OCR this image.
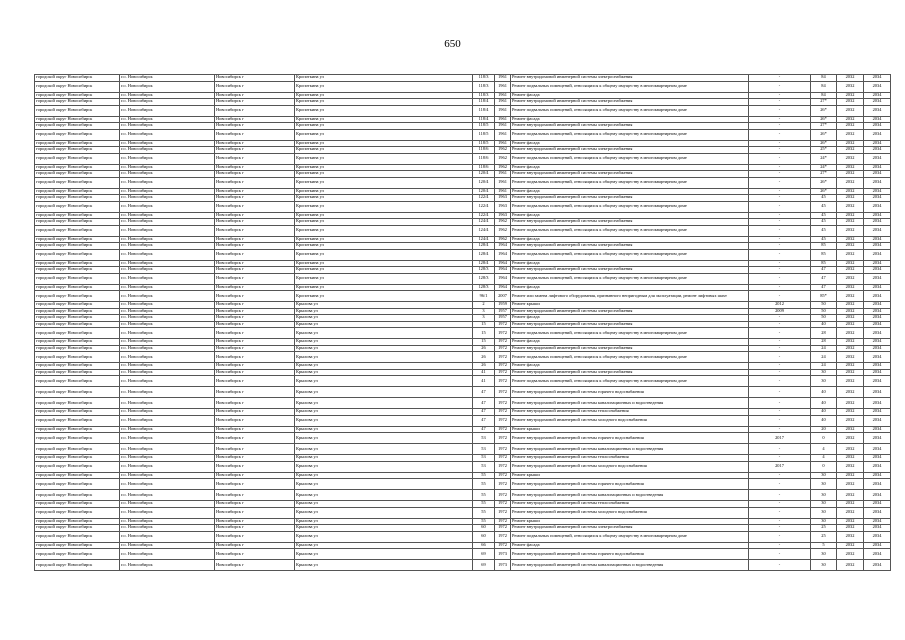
650
городской округ Новосибирск	г.о. Новосибирск	Новосибирск г	Кропоткина ул	118/3	1961	Ремонт внутридомовой инженерной системы электроснабжения	-	84	2032	2034
городской округ Новосибирск	г.о. Новосибирск	Новосибирск г	Кропоткина ул	118/3	1961	Ремонт подвальных помещений, относящихся к общему имуществу в многоквартирном доме	-	84	2032	2034
городской округ Новосибирск	г.о. Новосибирск	Новосибирск г	Кропоткина ул	118/3	1961	Ремонт фасада	-	84	2032	2034
городской округ Новосибирск	г.о. Новосибирск	Новосибирск г	Кропоткина ул	118/4	1961	Ремонт внутридомовой инженерной системы электроснабжения	-	27*	2032	2034
городской округ Новосибирск	г.о. Новосибирск	Новосибирск г	Кропоткина ул	118/4	1961	Ремонт подвальных помещений, относящихся к общему имуществу в многоквартирном доме	-	26*	2032	2034
городской округ Новосибирск	г.о. Новосибирск	Новосибирск г	Кропоткина ул	118/4	1961	Ремонт фасада	-	26*	2032	2034
городской округ Новосибирск	г.о. Новосибирск	Новосибирск г	Кропоткина ул	118/5	1961	Ремонт внутридомовой инженерной системы электроснабжения	-	27*	2032	2034
городской округ Новосибирск	г.о. Новосибирск	Новосибирск г	Кропоткина ул	118/5	1961	Ремонт подвальных помещений, относящихся к общему имуществу в многоквартирном доме	-	26*	2032	2034
городской округ Новосибирск	г.о. Новосибирск	Новосибирск г	Кропоткина ул	118/5	1961	Ремонт фасада	-	26*	2032	2034
городской округ Новосибирск	г.о. Новосибирск	Новосибирск г	Кропоткина ул	118/6	1962	Ремонт внутридомовой инженерной системы электроснабжения	-	25*	2032	2034
городской округ Новосибирск	г.о. Новосибирск	Новосибирск г	Кропоткина ул	118/6	1962	Ремонт подвальных помещений, относящихся к общему имуществу в многоквартирном доме	-	24*	2032	2034
городской округ Новосибирск	г.о. Новосибирск	Новосибирск г	Кропоткина ул	118/6	1962	Ремонт фасада	-	24*	2032	2034
городской округ Новосибирск	г.о. Новосибирск	Новосибирск г	Кропоткина ул	120/4	1961	Ремонт внутридомовой инженерной системы электроснабжения	-	27*	2032	2034
городской округ Новосибирск	г.о. Новосибирск	Новосибирск г	Кропоткина ул	120/4	1961	Ремонт подвальных помещений, относящихся к общему имуществу в многоквартирном доме	-	26*	2032	2034
городской округ Новосибирск	г.о. Новосибирск	Новосибирск г	Кропоткина ул	120/4	1961	Ремонт фасада	-	26*	2032	2034
городской округ Новосибирск	г.о. Новосибирск	Новосибирск г	Кропоткина ул	122/4	1963	Ремонт внутридомовой инженерной системы электроснабжения	-	45	2032	2034
городской округ Новосибирск	г.о. Новосибирск	Новосибирск г	Кропоткина ул	122/4	1963	Ремонт подвальных помещений, относящихся к общему имуществу в многоквартирном доме	-	45	2032	2034
городской округ Новосибирск	г.о. Новосибирск	Новосибирск г	Кропоткина ул	122/4	1963	Ремонт фасада	-	45	2032	2034
городской округ Новосибирск	г.о. Новосибирск	Новосибирск г	Кропоткина ул	124/4	1962	Ремонт внутридомовой инженерной системы электроснабжения	-	45	2032	2034
городской округ Новосибирск	г.о. Новосибирск	Новосибирск г	Кропоткина ул	124/4	1962	Ремонт подвальных помещений, относящихся к общему имуществу в многоквартирном доме	-	45	2032	2034
городской округ Новосибирск	г.о. Новосибирск	Новосибирск г	Кропоткина ул	124/4	1962	Ремонт фасада	-	45	2032	2034
городской округ Новосибирск	г.о. Новосибирск	Новосибирск г	Кропоткина ул	128/4	1964	Ремонт внутридомовой инженерной системы электроснабжения	-	85	2032	2034
городской округ Новосибирск	г.о. Новосибирск	Новосибирск г	Кропоткина ул	128/4	1964	Ремонт подвальных помещений, относящихся к общему имуществу в многоквартирном доме	-	85	2032	2034
городской округ Новосибирск	г.о. Новосибирск	Новосибирск г	Кропоткина ул	128/4	1964	Ремонт фасада	-	85	2032	2034
городской округ Новосибирск	г.о. Новосибирск	Новосибирск г	Кропоткина ул	128/3	1964	Ремонт внутридомовой инженерной системы электроснабжения	-	47	2032	2034
городской округ Новосибирск	г.о. Новосибирск	Новосибирск г	Кропоткина ул	128/3	1964	Ремонт подвальных помещений, относящихся к общему имуществу в многоквартирном доме	-	47	2032	2034
городской округ Новосибирск	г.о. Новосибирск	Новосибирск г	Кропоткина ул	128/3	1964	Ремонт фасада	-	47	2032	2034
городской округ Новосибирск	г.о. Новосибирск	Новосибирск г	Кропоткина ул	96/1	2007	Ремонт или замена лифтового оборудования, признанного непригодным для эксплуатации, ремонт лифтовых шахт	-	85*	2032	2034
городской округ Новосибирск	г.о. Новосибирск	Новосибирск г	Крылова ул	2	1959	Ремонт крыши	2012	50	2032	2034
городской округ Новосибирск	г.о. Новосибирск	Новосибирск г	Крылова ул	3	1957	Ремонт внутридомовой инженерной системы электроснабжения	2009	50	2032	2034
городской округ Новосибирск	г.о. Новосибирск	Новосибирск г	Крылова ул	3	1957	Ремонт фасада	-	50	2032	2034
городской округ Новосибирск	г.о. Новосибирск	Новосибирск г	Крылова ул	15	1972	Ремонт внутридомовой инженерной системы электроснабжения	-	40	2032	2034
городской округ Новосибирск	г.о. Новосибирск	Новосибирск г	Крылова ул	15	1972	Ремонт подвальных помещений, относящихся к общему имуществу в многоквартирном доме	-	28	2032	2034
городской округ Новосибирск	г.о. Новосибирск	Новосибирск г	Крылова ул	15	1972	Ремонт фасада	-	28	2032	2034
городской округ Новосибирск	г.о. Новосибирск	Новосибирск г	Крылова ул	26	1972	Ремонт внутридомовой инженерной системы электроснабжения	-	24	2032	2034
городской округ Новосибирск	г.о. Новосибирск	Новосибирск г	Крылова ул	26	1972	Ремонт подвальных помещений, относящихся к общему имуществу в многоквартирном доме	-	24	2032	2034
городской округ Новосибирск	г.о. Новосибирск	Новосибирск г	Крылова ул	26	1972	Ремонт фасада	-	24	2032	2034
городской округ Новосибирск	г.о. Новосибирск	Новосибирск г	Крылова ул	41	1972	Ремонт внутридомовой инженерной системы электроснабжения	-	30	2032	2034
городской округ Новосибирск	г.о. Новосибирск	Новосибирск г	Крылова ул	41	1972	Ремонт подвальных помещений, относящихся к общему имуществу в многоквартирном доме	-	30	2032	2034
городской округ Новосибирск	г.о. Новосибирск	Новосибирск г	Крылова ул	47	1972	Ремонт внутридомовой инженерной системы горячего водоснабжения	-	40	2032	2034
городской округ Новосибирск	г.о. Новосибирск	Новосибирск г	Крылова ул	47	1972	Ремонт внутридомовой инженерной системы канализационных и водоотведения	-	40	2032	2034
городской округ Новосибирск	г.о. Новосибирск	Новосибирск г	Крылова ул	47	1972	Ремонт внутридомовой инженерной системы теплоснабжения	-	40	2032	2034
городской округ Новосибирск	г.о. Новосибирск	Новосибирск г	Крылова ул	47	1972	Ремонт внутридомовой инженерной системы холодного водоснабжения	-	40	2032	2034
городской округ Новосибирск	г.о. Новосибирск	Новосибирск г	Крылова ул	47	1972	Ремонт крыши	-	20	2032	2034
городской округ Новосибирск	г.о. Новосибирск	Новосибирск г	Крылова ул	53	1972	Ремонт внутридомовой инженерной системы горячего водоснабжения	2017	0	2032	2034
городской округ Новосибирск	г.о. Новосибирск	Новосибирск г	Крылова ул	53	1972	Ремонт внутридомовой инженерной системы канализационных и водоотведения	-	4	2032	2034
городской округ Новосибирск	г.о. Новосибирск	Новосибирск г	Крылова ул	53	1972	Ремонт внутридомовой инженерной системы теплоснабжения	-	4	2032	2034
городской округ Новосибирск	г.о. Новосибирск	Новосибирск г	Крылова ул	53	1972	Ремонт внутридомовой инженерной системы холодного водоснабжения	2017	0	2032	2034
городской округ Новосибирск	г.о. Новосибирск	Новосибирск г	Крылова ул	55	1972	Ремонт крыши	-	30	2032	2034
городской округ Новосибирск	г.о. Новосибирск	Новосибирск г	Крылова ул	55	1972	Ремонт внутридомовой инженерной системы горячего водоснабжения	-	30	2032	2034
городской округ Новосибирск	г.о. Новосибирск	Новосибирск г	Крылова ул	55	1972	Ремонт внутридомовой инженерной системы канализационных и водоотведения	-	30	2032	2034
городской округ Новосибирск	г.о. Новосибирск	Новосибирск г	Крылова ул	55	1972	Ремонт внутридомовой инженерной системы теплоснабжения	-	30	2032	2034
городской округ Новосибирск	г.о. Новосибирск	Новосибирск г	Крылова ул	55	1972	Ремонт внутридомовой инженерной системы холодного водоснабжения	-	30	2032	2034
городской округ Новосибирск	г.о. Новосибирск	Новосибирск г	Крылова ул	55	1972	Ремонт крыши	-	30	2032	2034
городской округ Новосибирск	г.о. Новосибирск	Новосибирск г	Крылова ул	60	1972	Ремонт внутридомовой инженерной системы электроснабжения	-	25	2032	2034
городской округ Новосибирск	г.о. Новосибирск	Новосибирск г	Крылова ул	60	1972	Ремонт подвальных помещений, относящихся к общему имуществу в многоквартирном доме	-	25	2032	2034
городской округ Новосибирск	г.о. Новосибирск	Новосибирск г	Крылова ул	66	1972	Ремонт фасада	-	5	2032	2034
городской округ Новосибирск	г.о. Новосибирск	Новосибирск г	Крылова ул	69	1973	Ремонт внутридомовой инженерной системы горячего водоснабжения	-	30	2032	2034
городской округ Новосибирск	г.о. Новосибирск	Новосибирск г	Крылова ул	69	1973	Ремонт внутридомовой инженерной системы канализационных и водоотведения	-	30	2032	2034
